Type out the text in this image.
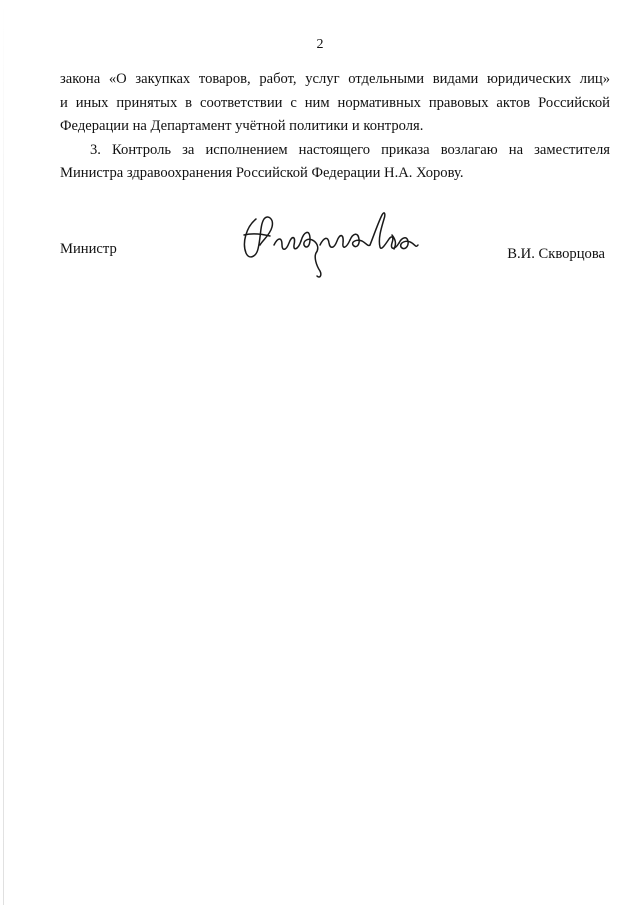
2

закона «О закупках товаров, работ, услуг отдельными видами юридических лиц»
и иных принятых в соответствии с ним нормативных правовых актов Российской
Федерации на Департамент учётной политики и контроля.

3. Контроль за исполнением настоящего приказа возлагаю на заместителя
Министра здравоохранения Российской Федерации Н.А. Хорову.

Министр	В.И. Скворцова
